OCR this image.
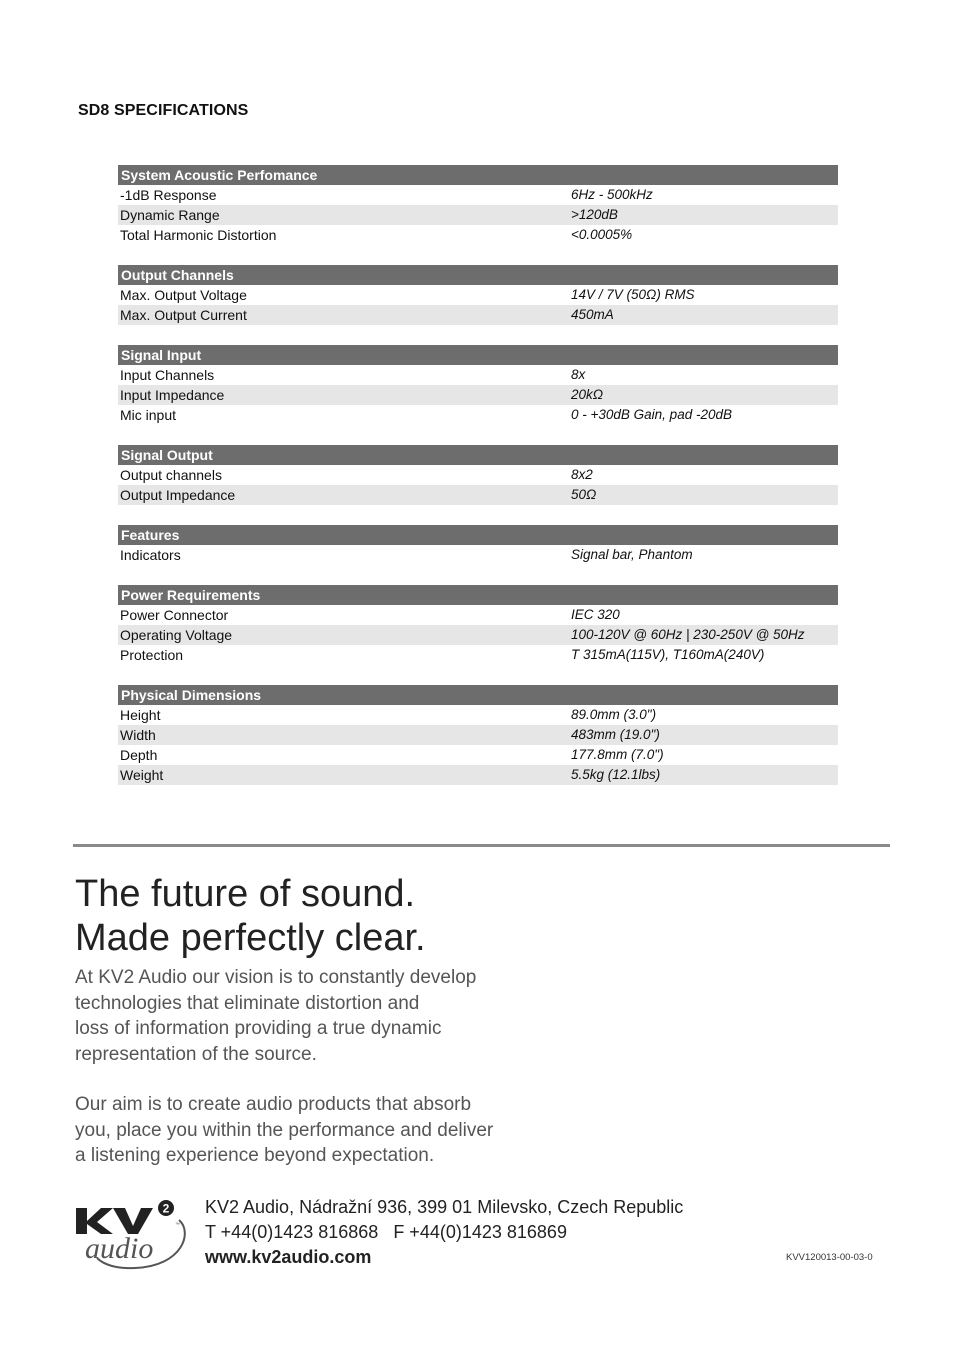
SD8 SPECIFICATIONS
System Acoustic Perfomance
-1dB Response	6Hz - 500kHz
Dynamic Range	>120dB
Total Harmonic Distortion	<0.0005%
Output Channels
Max. Output Voltage	14V / 7V (50Ω) RMS
Max. Output Current	450mA
Signal Input
Input Channels	8x
Input Impedance	20kΩ
Mic input	0 - +30dB Gain, pad -20dB
Signal Output
Output channels	8x2
Output Impedance	50Ω
Features
Indicators	Signal bar, Phantom
Power Requirements
Power Connector	IEC 320
Operating Voltage	100-120V @ 60Hz | 230-250V @ 50Hz
Protection	T 315mA(115V), T160mA(240V)
Physical Dimensions
Height	89.0mm (3.0")
Width	483mm (19.0")
Depth	177.8mm (7.0")
Weight	5.5kg (12.1lbs)
The future of sound.
Made perfectly clear.
At KV2 Audio our vision is to constantly develop
technologies that eliminate distortion and
loss of information providing a true dynamic
representation of the source.
Our aim is to create audio products that absorb
you, place you within the performance and deliver
a listening experience beyond expectation.
2
audio
™
KV2 Audio, Nádražní 936, 399 01 Milevsko, Czech Republic
T +44(0)1423 816868   F +44(0)1423 816869
www.kv2audio.com	KVV120013-00-03-0
